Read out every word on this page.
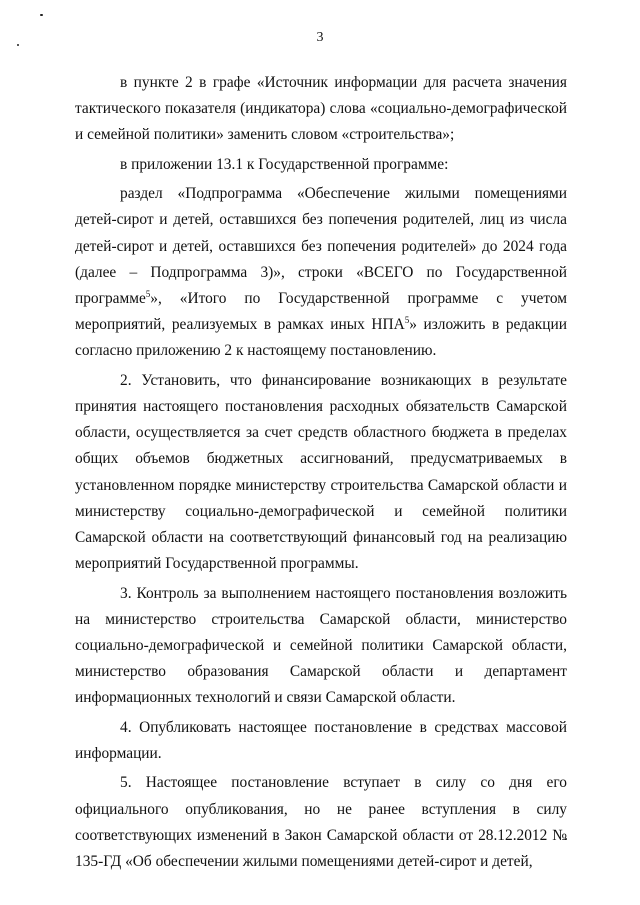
3

в пункте 2 в графе «Источник информации для расчета значения тактического показателя (индикатора) слова «социально-демографической и семейной политики» заменить словом «строительства»;

в приложении 13.1 к Государственной программе:

раздел «Подпрограмма «Обеспечение жилыми помещениями детей-сирот и детей, оставшихся без попечения родителей, лиц из числа детей-сирот и детей, оставшихся без попечения родителей» до 2024 года (далее – Подпрограмма 3)», строки «ВСЕГО по Государственной программе$^5$», «Итого по Государственной программе с учетом мероприятий, реализуемых в рамках иных НПА$^5$» изложить в редакции согласно приложению 2 к настоящему постановлению.

2. Установить, что финансирование возникающих в результате принятия настоящего постановления расходных обязательств Самарской области, осуществляется за счет средств областного бюджета в пределах общих объемов бюджетных ассигнований, предусматриваемых в установленном порядке министерству строительства Самарской области и министерству социально-демографической и семейной политики Самарской области на соответствующий финансовый год на реализацию мероприятий Государственной программы.

3. Контроль за выполнением настоящего постановления возложить на министерство строительства Самарской области, министерство социально-демографической и семейной политики Самарской области, министерство образования Самарской области и департамент информационных технологий и связи Самарской области.

4. Опубликовать настоящее постановление в средствах массовой информации.

5. Настоящее постановление вступает в силу со дня его официального опубликования, но не ранее вступления в силу соответствующих изменений в Закон Самарской области от 28.12.2012 № 135-ГД «Об обеспечении жилыми помещениями детей-сирот и детей,
